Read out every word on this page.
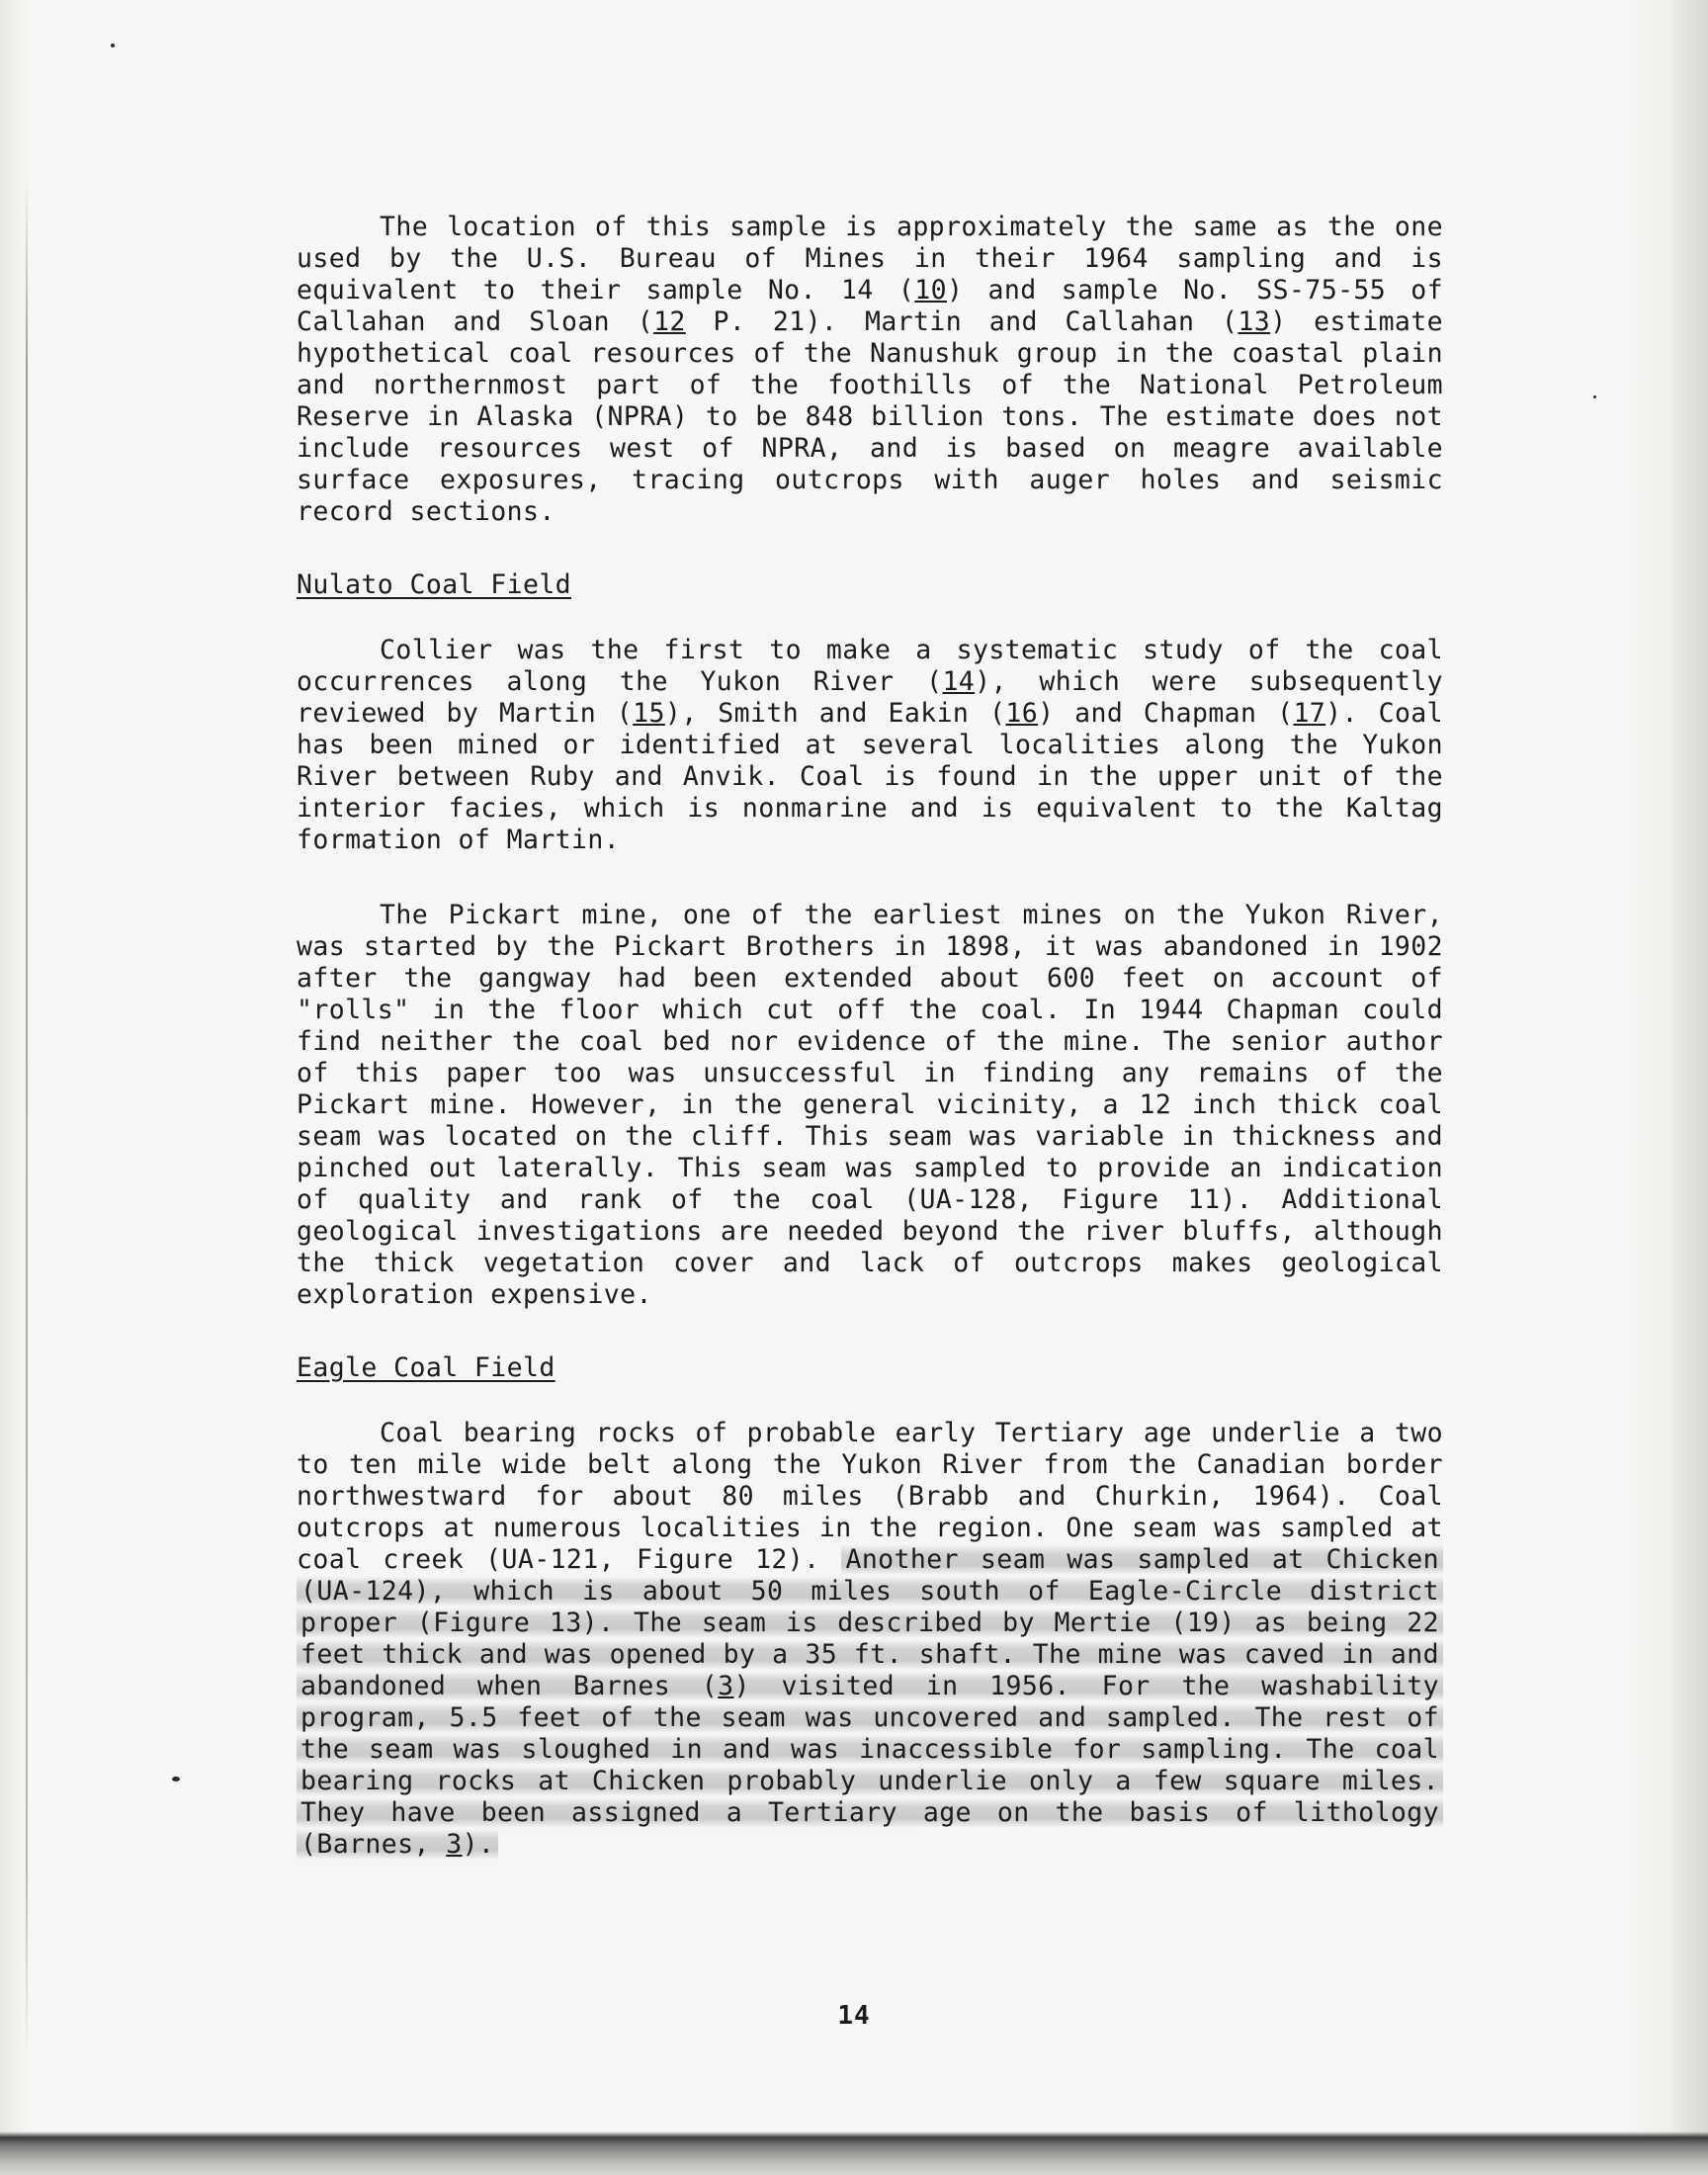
The location of this sample is approximately the same as the one used by the U.S. Bureau of Mines in their 1964 sampling and is equivalent to their sample No. 14 (10) and sample No. SS-75-55 of Callahan and Sloan (12 P. 21). Martin and Callahan (13) estimate hypothetical coal resources of the Nanushuk group in the coastal plain and northernmost part of the foothills of the National Petroleum Reserve in Alaska (NPRA) to be 848 billion tons. The estimate does not include resources west of NPRA, and is based on meagre available surface exposures, tracing outcrops with auger holes and seismic record sections.

Nulato Coal Field

Collier was the first to make a systematic study of the coal occurrences along the Yukon River (14), which were subsequently reviewed by Martin (15), Smith and Eakin (16) and Chapman (17). Coal has been mined or identified at several localities along the Yukon River between Ruby and Anvik. Coal is found in the upper unit of the interior facies, which is nonmarine and is equivalent to the Kaltag formation of Martin.

The Pickart mine, one of the earliest mines on the Yukon River, was started by the Pickart Brothers in 1898, it was abandoned in 1902 after the gangway had been extended about 600 feet on account of "rolls" in the floor which cut off the coal. In 1944 Chapman could find neither the coal bed nor evidence of the mine. The senior author of this paper too was unsuccessful in finding any remains of the Pickart mine. However, in the general vicinity, a 12 inch thick coal seam was located on the cliff. This seam was variable in thickness and pinched out laterally. This seam was sampled to provide an indication of quality and rank of the coal (UA-128, Figure 11). Additional geological investigations are needed beyond the river bluffs, although the thick vegetation cover and lack of outcrops makes geological exploration expensive.

Eagle Coal Field

Coal bearing rocks of probable early Tertiary age underlie a two to ten mile wide belt along the Yukon River from the Canadian border northwestward for about 80 miles (Brabb and Churkin, 1964). Coal outcrops at numerous localities in the region. One seam was sampled at coal creek (UA-121, Figure 12). Another seam was sampled at Chicken (UA-124), which is about 50 miles south of Eagle-Circle district proper (Figure 13). The seam is described by Mertie (19) as being 22 feet thick and was opened by a 35 ft. shaft. The mine was caved in and abandoned when Barnes (3) visited in 1956. For the washability program, 5.5 feet of the seam was uncovered and sampled. The rest of the seam was sloughed in and was inaccessible for sampling. The coal bearing rocks at Chicken probably underlie only a few square miles. They have been assigned a Tertiary age on the basis of lithology (Barnes, 3).

14
